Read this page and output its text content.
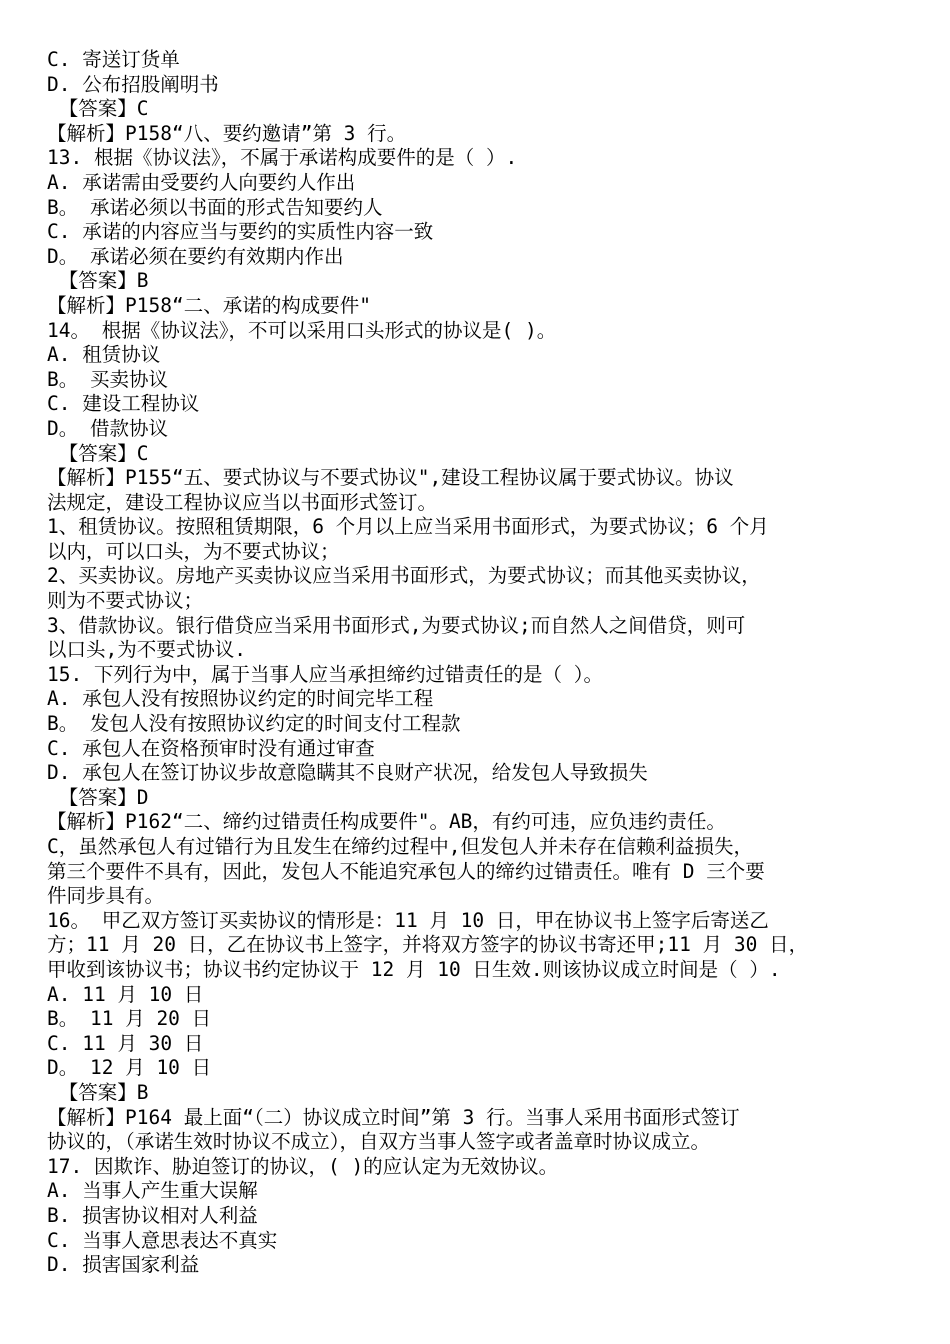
C. 寄送订货单
D. 公布招股阐明书
【答案】C
【解析】P158“八、要约邀请”第 3 行。
13. 根据《协议法》，不属于承诺构成要件的是（ ）.
A. 承诺需由受要约人向要约人作出
B。 承诺必须以书面的形式告知要约人
C. 承诺的内容应当与要约的实质性内容一致
D。 承诺必须在要约有效期内作出
【答案】B
【解析】P158“二、承诺的构成要件"
14。 根据《协议法》，不可以采用口头形式的协议是( )。
A. 租赁协议
B。 买卖协议
C. 建设工程协议
D。 借款协议
【答案】C
【解析】P155“五、要式协议与不要式协议",建设工程协议属于要式协议。协议
法规定，建设工程协议应当以书面形式签订。
1、租赁协议。按照租赁期限，6 个月以上应当采用书面形式，为要式协议；6 个月
以内，可以口头，为不要式协议；
2、买卖协议。房地产买卖协议应当采用书面形式，为要式协议；而其他买卖协议，
则为不要式协议；
3、借款协议。银行借贷应当采用书面形式,为要式协议;而自然人之间借贷，则可
以口头,为不要式协议.
15. 下列行为中，属于当事人应当承担缔约过错责任的是（ ）。
A. 承包人没有按照协议约定的时间完毕工程
B。 发包人没有按照协议约定的时间支付工程款
C. 承包人在资格预审时没有通过审查
D. 承包人在签订协议步故意隐瞒其不良财产状况，给发包人导致损失
【答案】D
【解析】P162“二、缔约过错责任构成要件"。AB，有约可违，应负违约责任。
C，虽然承包人有过错行为且发生在缔约过程中,但发包人并未存在信赖利益损失，
第三个要件不具有，因此，发包人不能追究承包人的缔约过错责任。唯有 D 三个要
件同步具有。
16。 甲乙双方签订买卖协议的情形是：11 月 10 日，甲在协议书上签字后寄送乙
方；11 月 20 日，乙在协议书上签字，并将双方签字的协议书寄还甲;11 月 30 日，
甲收到该协议书；协议书约定协议于 12 月 10 日生效.则该协议成立时间是（ ）.
A. 11 月 10 日
B。 11 月 20 日
C. 11 月 30 日
D。 12 月 10 日
【答案】B
【解析】P164 最上面“（二）协议成立时间”第 3 行。当事人采用书面形式签订
协议的，（承诺生效时协议不成立），自双方当事人签字或者盖章时协议成立。
17. 因欺诈、胁迫签订的协议，( )的应认定为无效协议。
A. 当事人产生重大误解
B. 损害协议相对人利益
C. 当事人意思表达不真实
D. 损害国家利益
